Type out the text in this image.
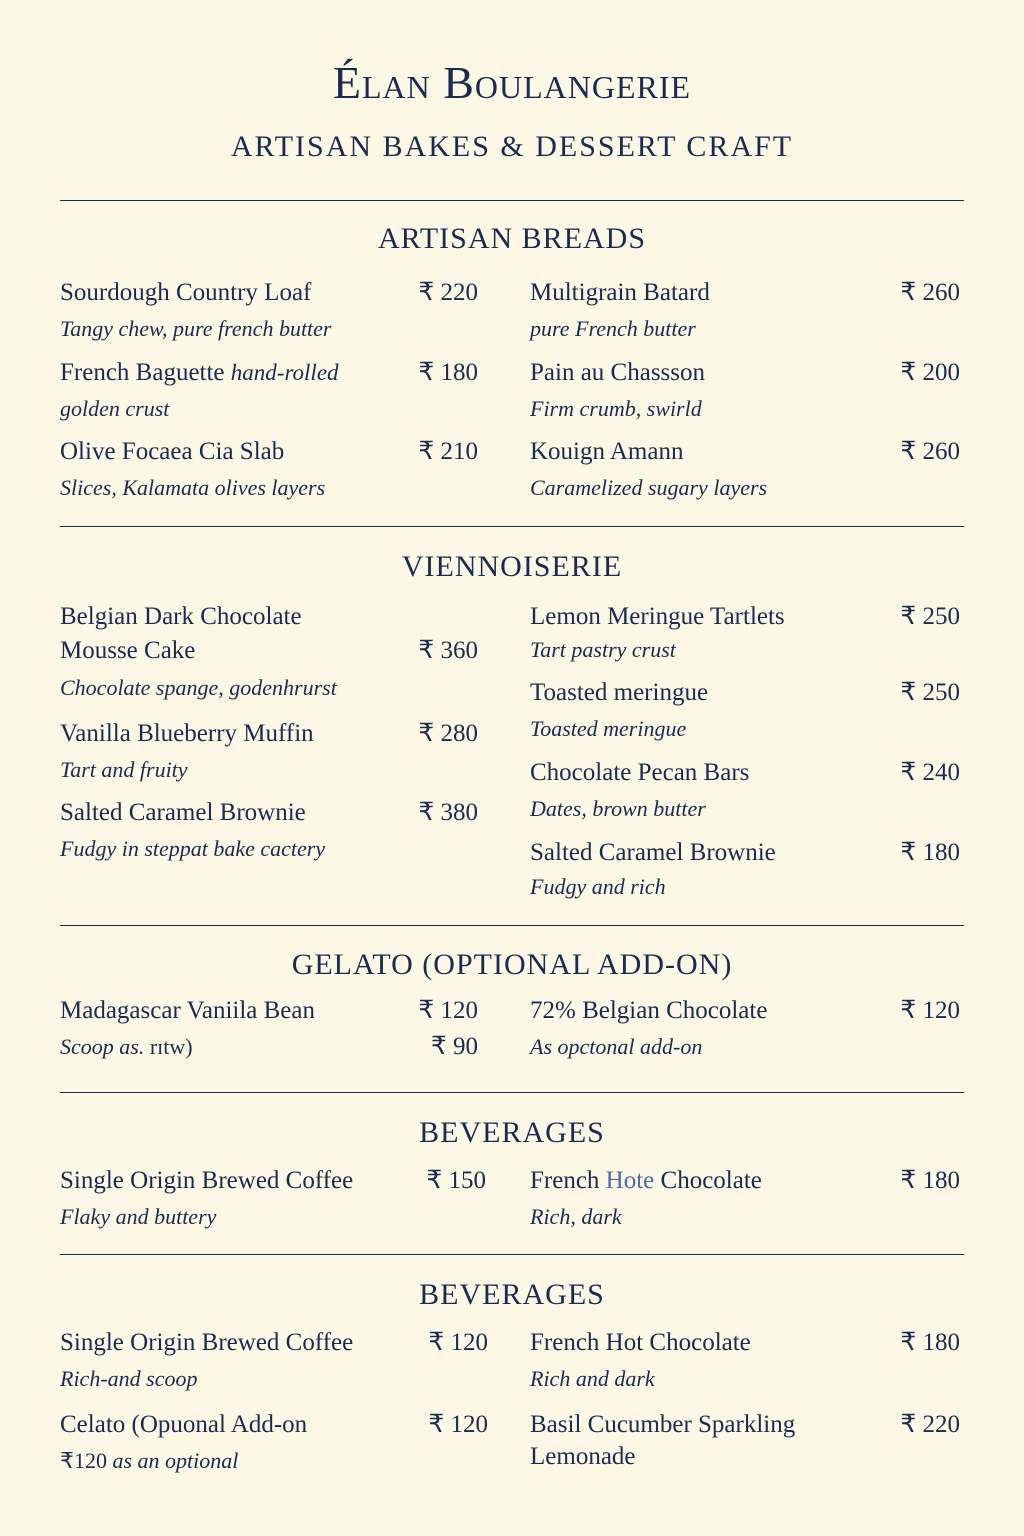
Élan Boulangerie
ARTISAN BAKES & DESSERT CRAFT
ARTISAN BREADS
Sourdough Country Loaf	₹ 220
Tangy chew, pure french butter
French Baguette hand-rolled	₹ 180
golden crust
Olive Focaea Cia Slab	₹ 210
Slices, Kalamata olives layers
Multigrain Batard	₹ 260
pure French butter
Pain au Chassson	₹ 200
Firm crumb, swirld
Kouign Amann	₹ 260
Caramelized sugary layers
VIENNOISERIE
Belgian Dark Chocolate
Mousse Cake	₹ 360
Chocolate spange, godenhrurst
Vanilla Blueberry Muffin	₹ 280
Tart and fruity
Salted Caramel Brownie	₹ 380
Fudgy in steppat bake cactery
Lemon Meringue Tartlets	₹ 250
Tart pastry crust
Toasted meringue	₹ 250
Toasted meringue
Chocolate Pecan Bars	₹ 240
Dates, brown butter
Salted Caramel Brownie	₹ 180
Fudgy and rich
GELATO (OPTIONAL ADD-ON)
Madagascar Vaniila Bean	₹ 120
Scoop as. rɪtw)	₹ 90
72% Belgian Chocolate	₹ 120
As opctonal add-on
BEVERAGES
Single Origin Brewed Coffee	₹ 150
Flaky and buttery
French Hote Chocolate	₹ 180
Rich, dark
BEVERAGES
Single Origin Brewed Coffee	₹ 120
Rich-and scoop
Celato (Opuonal Add-on	₹ 120
₹120 as an optional
French Hot Chocolate	₹ 180
Rich and dark
Basil Cucumber Sparkling
Lemonade
₹ 220
